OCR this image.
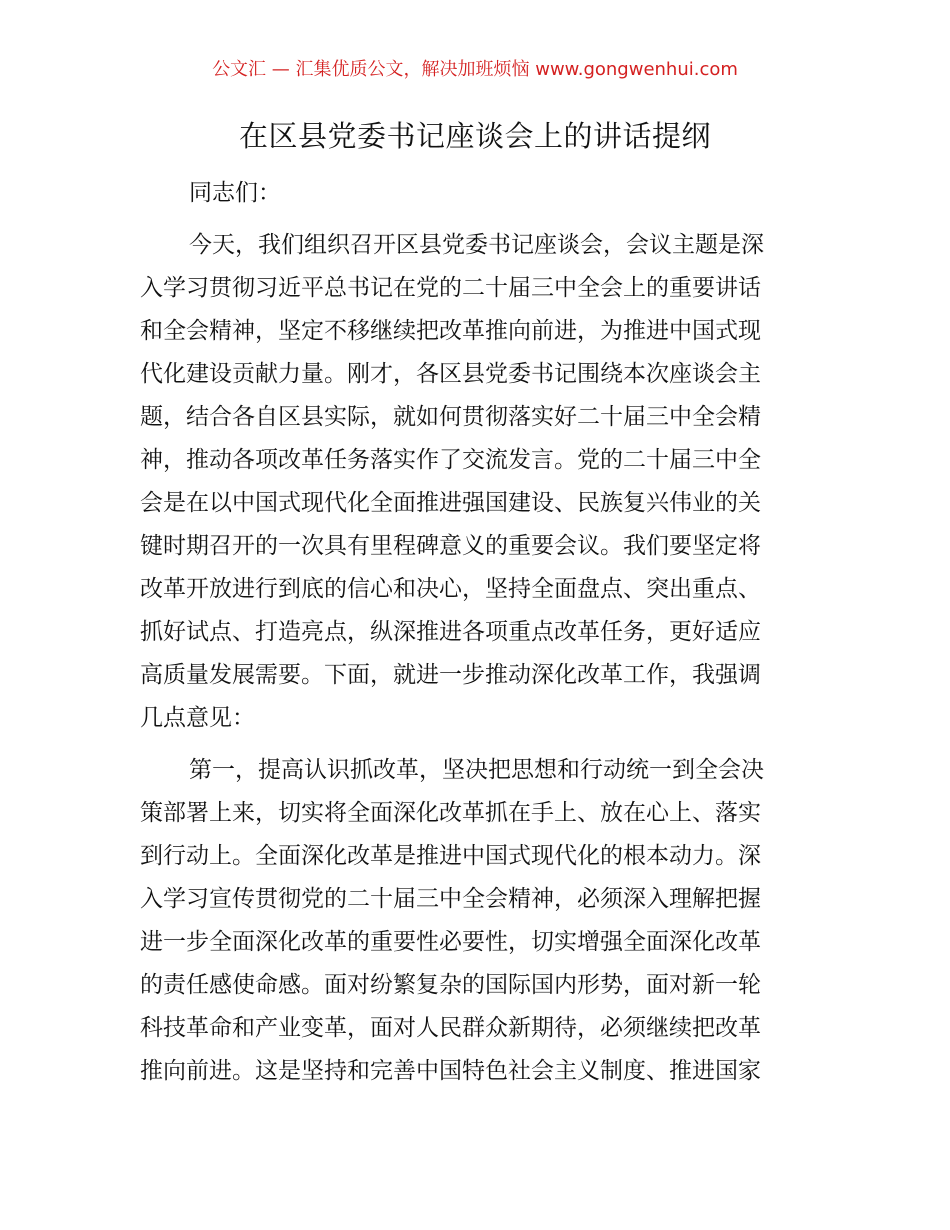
公文汇 — 汇集优质公文，解决加班烦恼 www.gongwenhui.com
在区县党委书记座谈会上的讲话提纲
同志们：
今天，我们组织召开区县党委书记座谈会，会议主题是深
入学习贯彻习近平总书记在党的二十届三中全会上的重要讲话
和全会精神，坚定不移继续把改革推向前进，为推进中国式现
代化建设贡献力量。刚才，各区县党委书记围绕本次座谈会主
题，结合各自区县实际，就如何贯彻落实好二十届三中全会精
神，推动各项改革任务落实作了交流发言。党的二十届三中全
会是在以中国式现代化全面推进强国建设、民族复兴伟业的关
键时期召开的一次具有里程碑意义的重要会议。我们要坚定将
改革开放进行到底的信心和决心，坚持全面盘点、突出重点、
抓好试点、打造亮点，纵深推进各项重点改革任务，更好适应
高质量发展需要。下面，就进一步推动深化改革工作，我强调
几点意见：
第一，提高认识抓改革，坚决把思想和行动统一到全会决
策部署上来，切实将全面深化改革抓在手上、放在心上、落实
到行动上。全面深化改革是推进中国式现代化的根本动力。深
入学习宣传贯彻党的二十届三中全会精神，必须深入理解把握
进一步全面深化改革的重要性必要性，切实增强全面深化改革
的责任感使命感。面对纷繁复杂的国际国内形势，面对新一轮
科技革命和产业变革，面对人民群众新期待，必须继续把改革
推向前进。这是坚持和完善中国特色社会主义制度、推进国家
